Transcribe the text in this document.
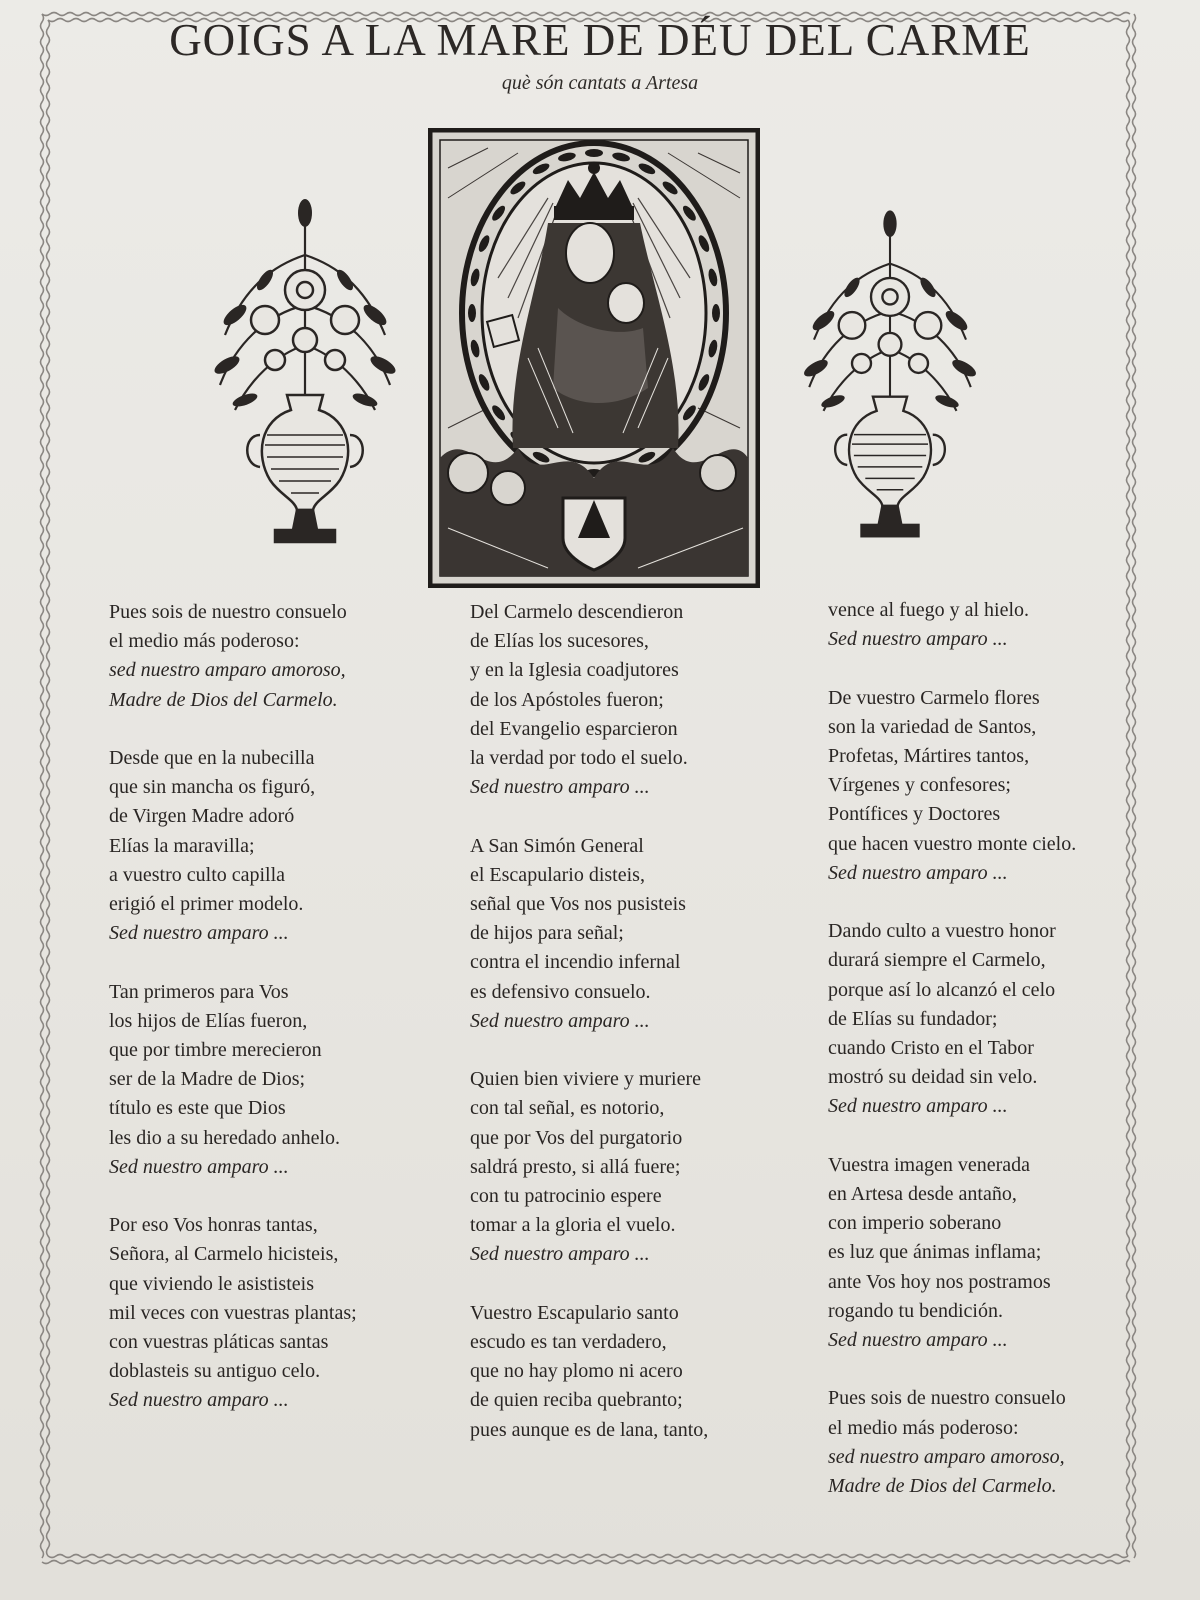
GOIGS A LA MARE DE DÉU DEL CARME
què són cantats a Artesa
Pues sois de nuestro consuelo
el medio más poderoso:
sed nuestro amparo amoroso,
Madre de Dios del Carmelo.
Desde que en la nubecilla
que sin mancha os figuró,
de Virgen Madre adoró
Elías la maravilla;
a vuestro culto capilla
erigió el primer modelo.
Sed nuestro amparo ...
Tan primeros para Vos
los hijos de Elías fueron,
que por timbre merecieron
ser de la Madre de Dios;
título es este que Dios
les dio a su heredado anhelo.
Sed nuestro amparo ...
Por eso Vos honras tantas,
Señora, al Carmelo hicisteis,
que viviendo le asististeis
mil veces con vuestras plantas;
con vuestras pláticas santas
doblasteis su antiguo celo.
Sed nuestro amparo ...
Del Carmelo descendieron
de Elías los sucesores,
y en la Iglesia coadjutores
de los Apóstoles fueron;
del Evangelio esparcieron
la verdad por todo el suelo.
Sed nuestro amparo ...
A San Simón General
el Escapulario disteis,
señal que Vos nos pusisteis
de hijos para señal;
contra el incendio infernal
es defensivo consuelo.
Sed nuestro amparo ...
Quien bien viviere y muriere
con tal señal, es notorio,
que por Vos del purgatorio
saldrá presto, si allá fuere;
con tu patrocinio espere
tomar a la gloria el vuelo.
Sed nuestro amparo ...
Vuestro Escapulario santo
escudo es tan verdadero,
que no hay plomo ni acero
de quien reciba quebranto;
pues aunque es de lana, tanto,
vence al fuego y al hielo.
Sed nuestro amparo ...
De vuestro Carmelo flores
son la variedad de Santos,
Profetas, Mártires tantos,
Vírgenes y confesores;
Pontífices y Doctores
que hacen vuestro monte cielo.
Sed nuestro amparo ...
Dando culto a vuestro honor
durará siempre el Carmelo,
porque así lo alcanzó el celo
de Elías su fundador;
cuando Cristo en el Tabor
mostró su deidad sin velo.
Sed nuestro amparo ...
Vuestra imagen venerada
en Artesa desde antaño,
con imperio soberano
es luz que ánimas inflama;
ante Vos hoy nos postramos
rogando tu bendición.
Sed nuestro amparo ...
Pues sois de nuestro consuelo
el medio más poderoso:
sed nuestro amparo amoroso,
Madre de Dios del Carmelo.
